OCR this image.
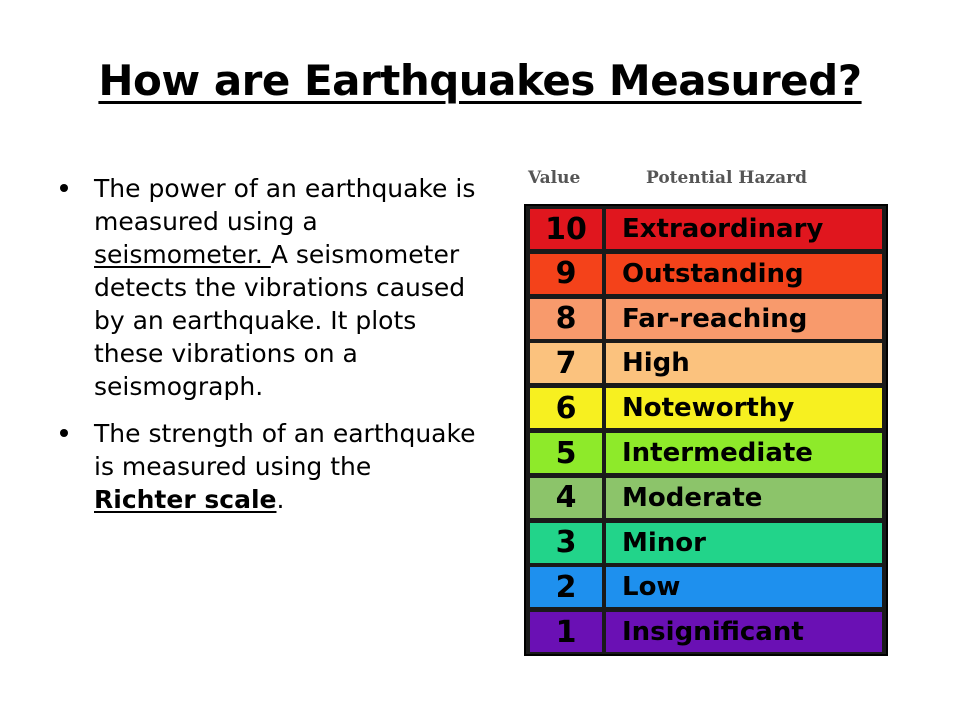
How are Earthquakes Measured?
The power of an earthquake is measured using a seismometer. A seismometer detects the vibrations caused by an earthquake. It plots these vibrations on a seismograph.
The strength of an earthquake is measured using the Richter scale.
Value	Potential Hazard
10	Extraordinary
9	Outstanding
8	Far-reaching
7	High
6	Noteworthy
5	Intermediate
4	Moderate
3	Minor
2	Low
1	Insignificant
